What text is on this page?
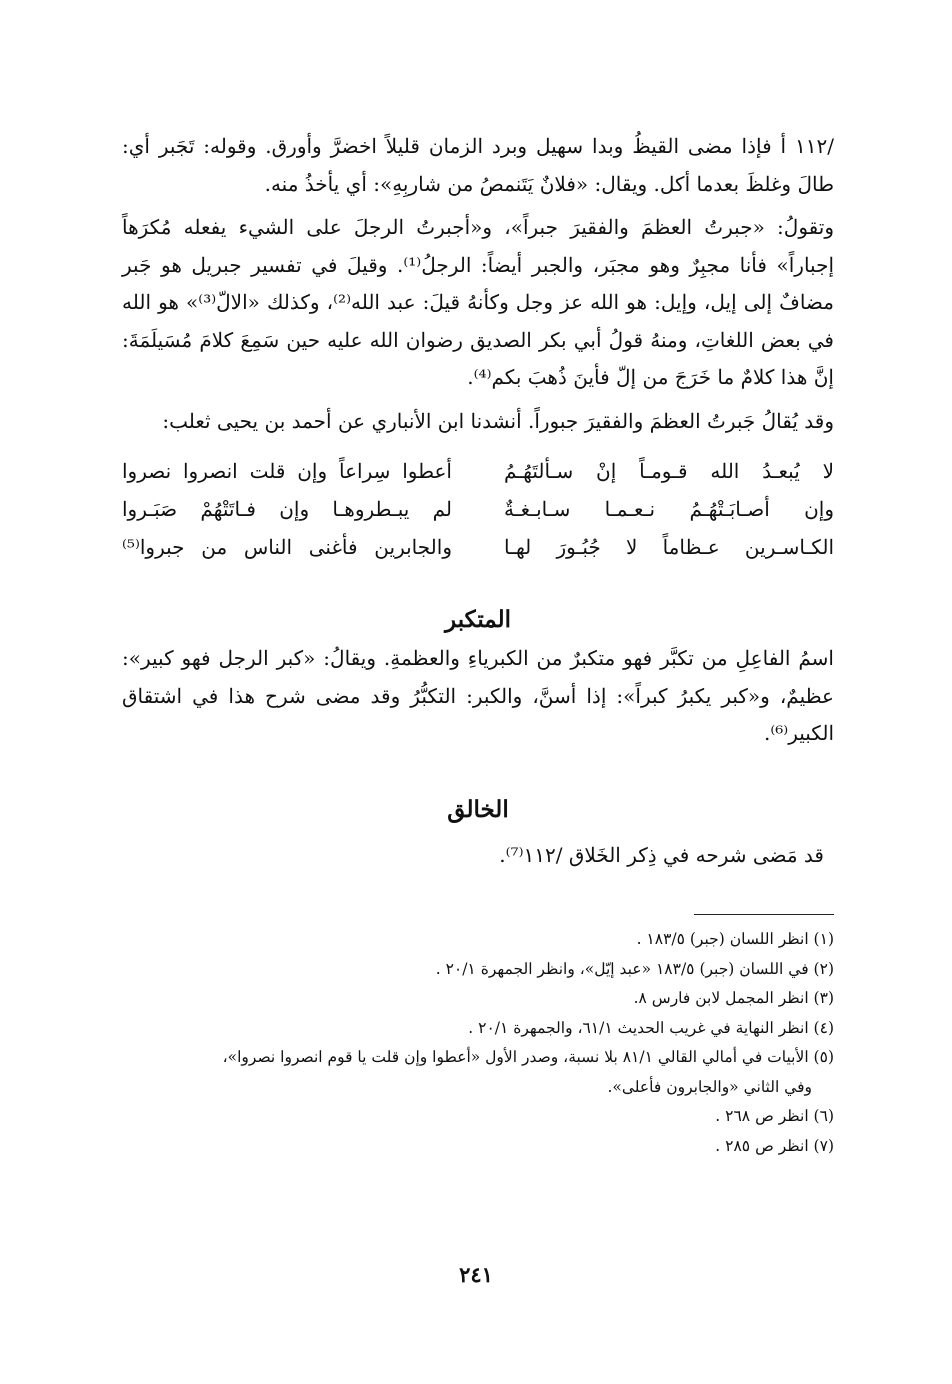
/١١٢ أ فإذا مضى القيظُ وبدا سهيل وبرد الزمان قليلاً اخضرَّ وأورق. وقوله: تَجَبر أي: طالَ وغلظَ بعدما أكل. ويقال: «فلانٌ يَتَنمصُ من شاربِهِ»: أي يأخذُ منه.

وتقولُ: «جبرتُ العظمَ والفقيرَ جبراً»، و«أجبرتُ الرجلَ على الشيء يفعله مُكرَهاً إجباراً» فأنا مجبِرٌ وهو مجبَر، والجبر أيضاً: الرجلُ⁽¹⁾. وقيلَ في تفسير جبريل هو جَبر مضافٌ إلى إيل، وإيل: هو الله عز وجل وكأنهُ قيلَ: عبد الله⁽²⁾، وكذلك «الالّ⁽³⁾» هو الله في بعض اللغاتِ، ومنهُ قولُ أبي بكر الصديق رضوان الله عليه حين سَمِعَ كلامَ مُسَيلَمَةَ: إنَّ هذا كلامٌ ما خَرَجَ من إلّ فأينَ ذُهبَ بكم⁽⁴⁾.

وقد يُقالُ جَبرتُ العظمَ والفقيرَ جبوراً. أنشدنا ابن الأنباري عن أحمد بن يحيى ثعلب:

لا يُبعـدُ الله قـومـاً إنْ سـألتَهُـمُ
أعطوا سِراعاً وإن قلت انصروا نصروا
وإن أصـابَـتْهُـمُ نـعـمـا سـابـغـةٌ
لم يبـطروهـا وإن فـاتَتْهُمْ صَبَـروا
الكـاسـرين عـظاماً لا جُبُـورَ لهـا
والجابرين فأغنى الناس من جبروا⁽⁵⁾
المتكبر

اسمُ الفاعِلِ من تكبَّر فهو متكبرٌ من الكبرياءِ والعظمةِ. ويقالُ: «كبر الرجل فهو كبير»: عظيمٌ، و«كبر يكبرُ كبراً»: إذا أسنَّ، والكبر: التكبُّرُ وقد مضى شرح هذا في اشتقاق الكبير⁽⁶⁾.

الخالق

قد مَضى شرحه في ذِكر الخَلاق /١١٢⁽⁷⁾.

(١) انظر اللسان (جبر) ١٨٣/٥ .

(٢) في اللسان (جبر) ١٨٣/٥ «عبد إيّل»، وانظر الجمهرة ٢٠/١ .

(٣) انظر المجمل لابن فارس ٨.

(٤) انظر النهاية في غريب الحديث ٦١/١، والجمهرة ٢٠/١ .

(٥) الأبيات في أمالي القالي ٨١/١ بلا نسبة، وصدر الأول «أعطوا وإن قلت يا قوم انصروا نصروا»،

وفي الثاني «والجابرون فأعلى».

(٦) انظر ص ٢٦٨ .

(٧) انظر ص ٢٨٥ .

٢٤١
